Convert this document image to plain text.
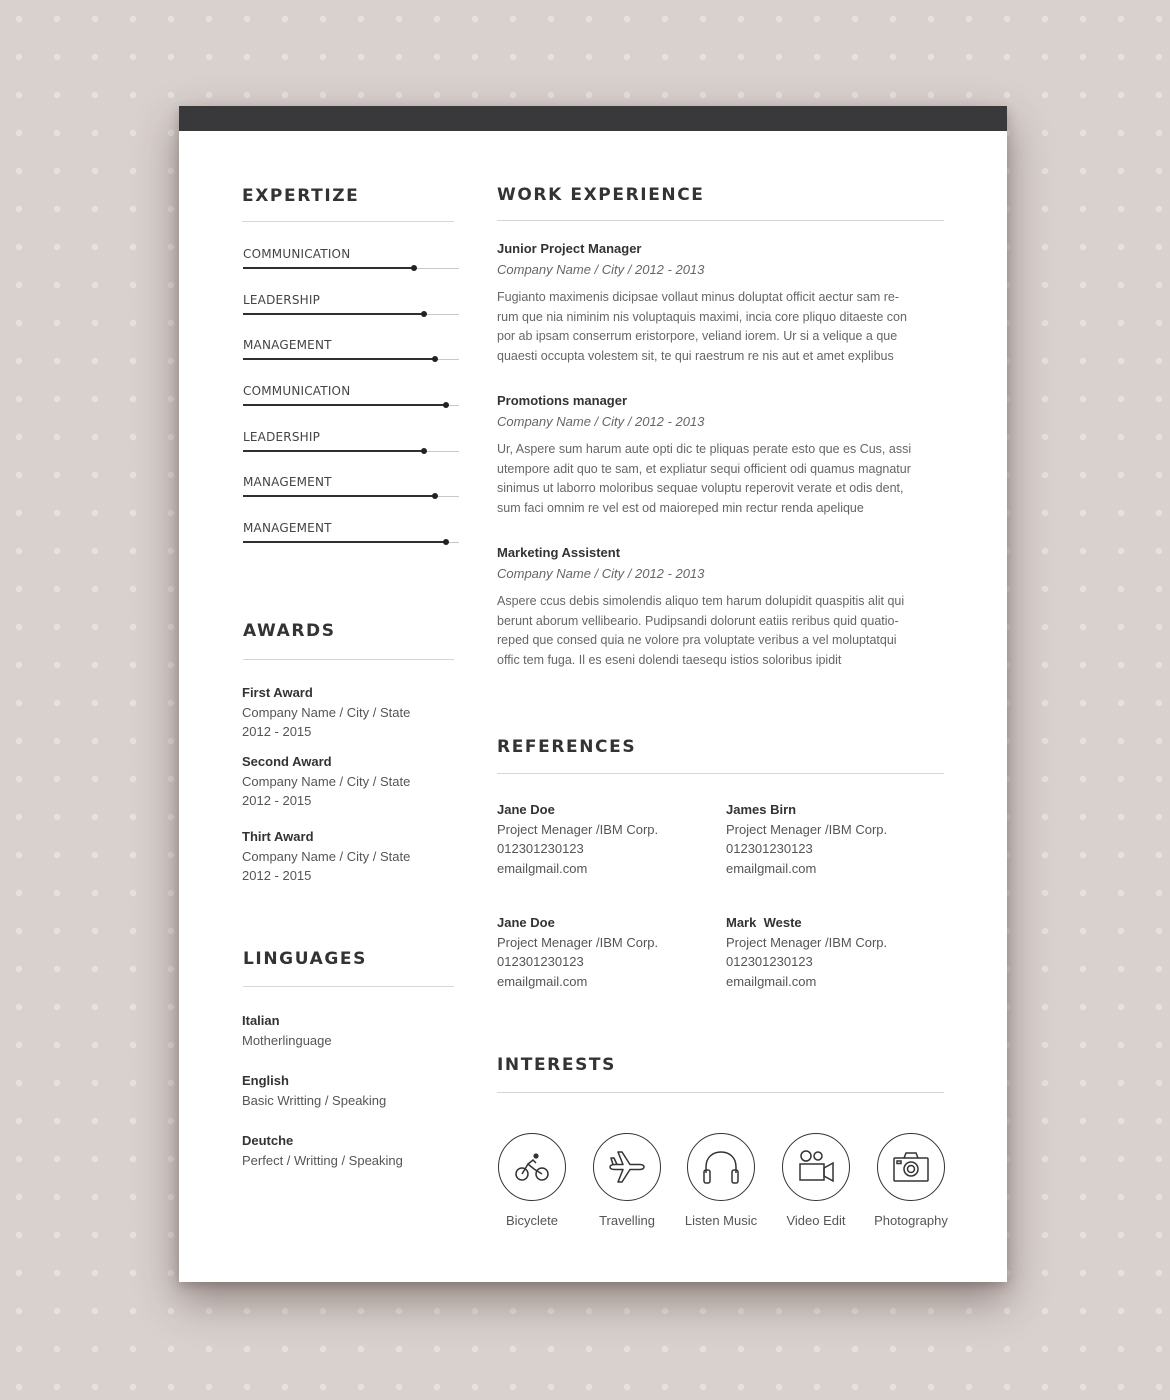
EXPERTIZE
COMMUNICATION
LEADERSHIP
MANAGEMENT
COMMUNICATION
LEADERSHIP
MANAGEMENT
MANAGEMENT
AWARDS
First Award
Company Name / City / State
2012 - 2015
Second Award
Company Name / City / State
2012 - 2015
Thirt Award
Company Name / City / State
2012 - 2015
LINGUAGES
Italian
Motherlinguage
English
Basic Writting / Speaking
Deutche
Perfect / Writting / Speaking
WORK EXPERIENCE
Junior Project Manager
Company Name / City / 2012 - 2013
Fugianto maximenis dicipsae vollaut minus doluptat officit aectur sam re-
rum que nia niminim nis voluptaquis maximi, incia core pliquo ditaeste con
por ab ipsam conserrum eristorpore, veliand iorem. Ur si a velique a que
quaesti occupta volestem sit, te qui raestrum re nis aut et amet explibus
Promotions manager
Company Name / City / 2012 - 2013
Ur, Aspere sum harum aute opti dic te pliquas perate esto que es Cus, assi
utempore adit quo te sam, et expliatur sequi officient odi quamus magnatur
sinimus ut laborro moloribus sequae voluptu reperovit verate et odis dent,
sum faci omnim re vel est od maioreped min rectur renda apelique
Marketing Assistent
Company Name / City / 2012 - 2013
Aspere ccus debis simolendis aliquo tem harum dolupidit quaspitis alit qui
berunt aborum vellibeario. Pudipsandi dolorunt eatiis reribus quid quatio-
reped que consed quia ne volore pra voluptate veribus a vel moluptatqui
offic tem fuga. Il es eseni dolendi taesequ istios soloribus ipidit
REFERENCES
Jane Doe
Project Menager /IBM Corp.
012301230123
emailgmail.com
James Birn
Project Menager /IBM Corp.
012301230123
emailgmail.com
Jane Doe
Project Menager /IBM Corp.
012301230123
emailgmail.com
Mark  Weste
Project Menager /IBM Corp.
012301230123
emailgmail.com
INTERESTS
Bicyclete	Travelling	Listen Music	Video Edit	Photography
